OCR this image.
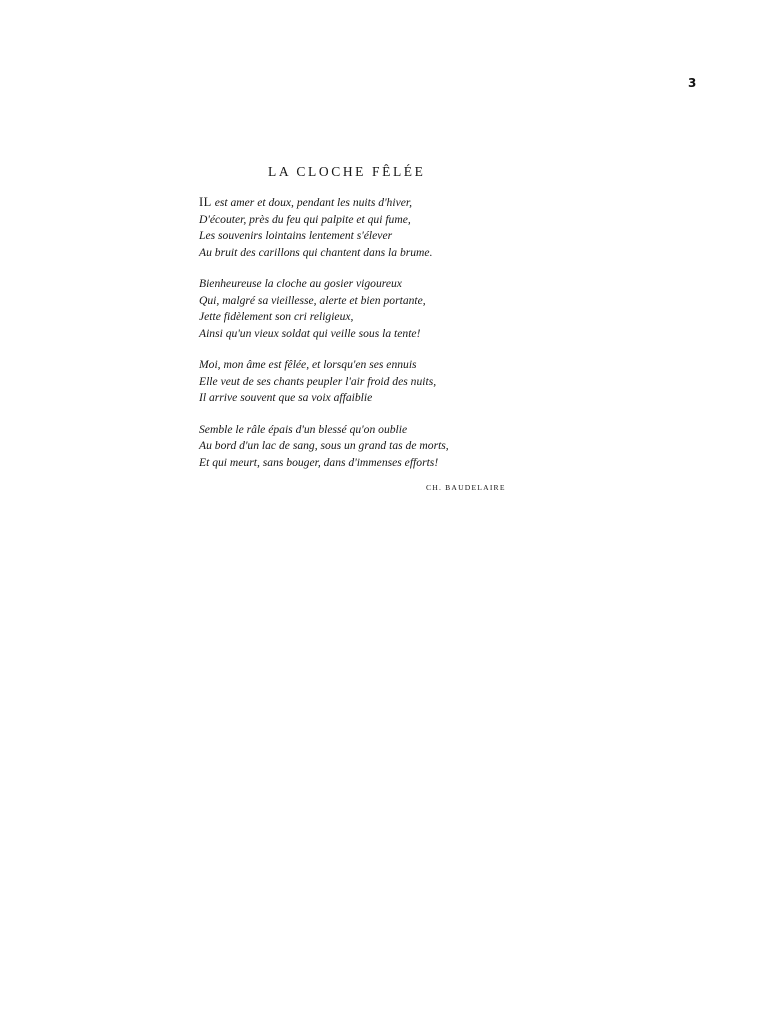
3
LA CLOCHE FÊLÉE
IL est amer et doux, pendant les nuits d'hiver,
D'écouter, près du feu qui palpite et qui fume,
Les souvenirs lointains lentement s'élever
Au bruit des carillons qui chantent dans la brume.
Bienheureuse la cloche au gosier vigoureux
Qui, malgré sa vieillesse, alerte et bien portante,
Jette fidèlement son cri religieux,
Ainsi qu'un vieux soldat qui veille sous la tente!
Moi, mon âme est fêlée, et lorsqu'en ses ennuis
Elle veut de ses chants peupler l'air froid des nuits,
Il arrive souvent que sa voix affaiblie
Semble le râle épais d'un blessé qu'on oublie
Au bord d'un lac de sang, sous un grand tas de morts,
Et qui meurt, sans bouger, dans d'immenses efforts!
CH. BAUDELAIRE
